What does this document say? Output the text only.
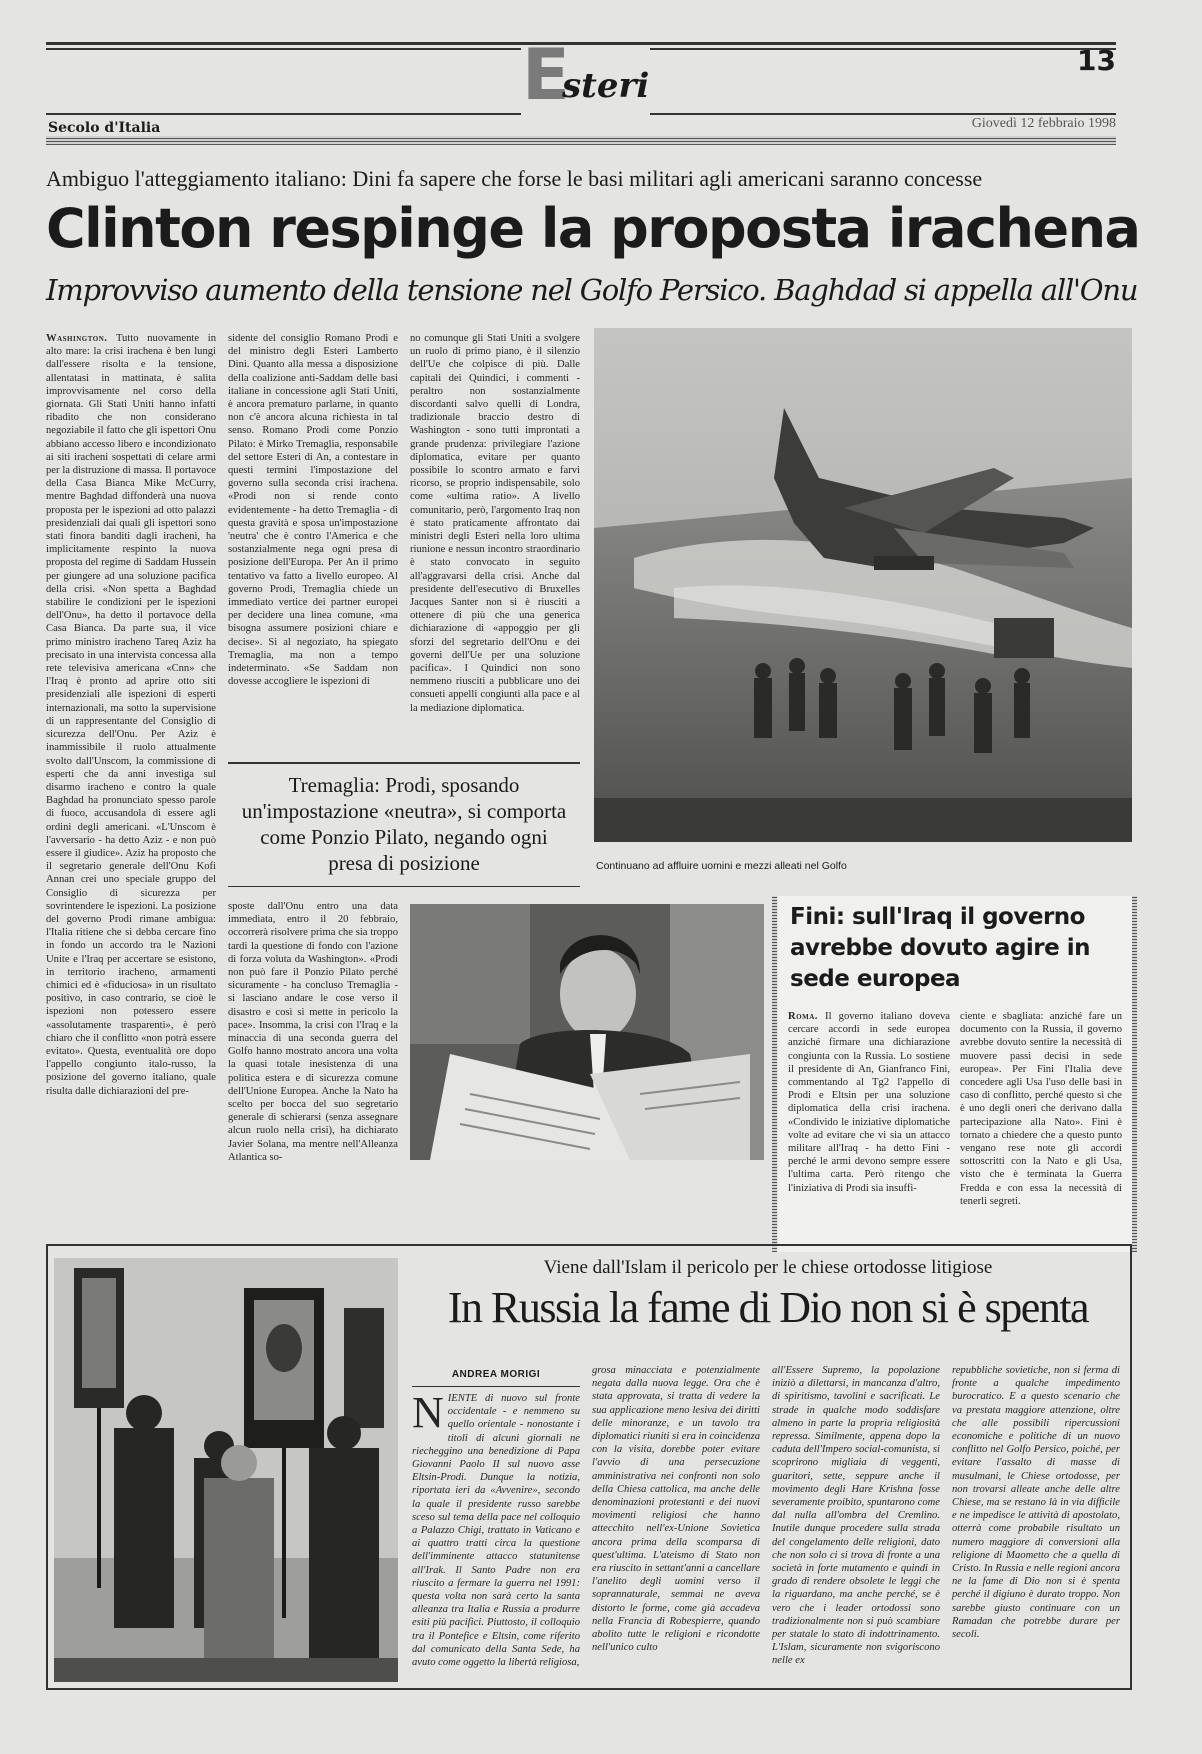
E
steri
13
Secolo d'Italia	Giovedì 12 febbraio 1998
Ambiguo l'atteggiamento italiano: Dini fa sapere che forse le basi militari agli americani saranno concesse
Clinton respinge la proposta irachena
Improvviso aumento della tensione nel Golfo Persico. Baghdad si appella all'Onu

Washington. Tutto nuovamente in alto mare: la crisi irachena è ben lungi dall'essere risolta e la tensione, allentatasi in mattinata, è salita improvvisamente nel corso della giornata. Gli Stati Uniti hanno infatti ribadito che non considerano negoziabile il fatto che gli ispettori Onu abbiano accesso libero e incondizionato ai siti iracheni sospettati di celare armi per la distruzione di massa. Il portavoce della Casa Bianca Mike McCurry, mentre Baghdad diffonderà una nuova proposta per le ispezioni ad otto palazzi presidenziali dai quali gli ispettori sono stati finora banditi dagli iracheni, ha implicitamente respinto la nuova proposta del regime di Saddam Hussein per giungere ad una soluzione pacifica della crisi. «Non spetta a Baghdad stabilire le condizioni per le ispezioni dell'Onu», ha detto il portavoce della Casa Bianca. Da parte sua, il vice primo ministro iracheno Tareq Aziz ha precisato in una intervista concessa alla rete televisiva americana «Cnn» che l'Iraq è pronto ad aprire otto siti presidenziali alle ispezioni di esperti internazionali, ma sotto la supervisione di un rappresentante del Consiglio di sicurezza dell'Onu. Per Aziz è inammissibile il ruolo attualmente svolto dall'Unscom, la commissione di esperti che da anni investiga sul disarmo iracheno e contro la quale Baghdad ha pronunciato spesso parole di fuoco, accusandola di essere agli ordini degli americani. «L'Unscom è l'avversario - ha detto Aziz - e non può essere il giudice». Aziz ha proposto che il segretario generale dell'Onu Kofi Annan crei uno speciale gruppo del Consiglio di sicurezza per sovrintendere le ispezioni. La posizione del governo Prodi rimane ambigua: l'Italia ritiene che si debba cercare fino in fondo un accordo tra le Nazioni Unite e l'Iraq per accertare se esistono, in territorio iracheno, armamenti chimici ed è «fiduciosa» in un risultato positivo, in caso contrario, se cioè le ispezioni non potessero essere «assolutamente trasparenti», è però chiaro che il conflitto «non potrà essere evitato». Questa, eventualità ore dopo l'appello congiunto italo-russo, la posizione del governo italiano, quale risulta dalle dichiarazioni del pre-

sidente del consiglio Romano Prodi e del ministro degli Esteri Lamberto Dini. Quanto alla messa a disposizione della coalizione anti-Saddam delle basi italiane in concessione agli Stati Uniti, è ancora prematuro parlarne, in quanto non c'è ancora alcuna richiesta in tal senso. Romano Prodi come Ponzio Pilato: è Mirko Tremaglia, responsabile del settore Esteri di An, a contestare in questi termini l'impostazione del governo sulla seconda crisi irachena. «Prodi non si rende conto evidentemente - ha detto Tremaglia - di questa gravità e sposa un'impostazione 'neutra' che è contro l'America e che sostanzialmente nega ogni presa di posizione dell'Europa. Per An il primo tentativo va fatto a livello europeo. Al governo Prodi, Tremaglia chiede un immediato vertice dei partner europei per decidere una linea comune, «ma bisogna assumere posizioni chiare e decise». Si al negoziato, ha spiegato Tremaglia, ma non a tempo indeterminato. «Se Saddam non dovesse accogliere le ispezioni di

no comunque gli Stati Uniti a svolgere un ruolo di primo piano, è il silenzio dell'Ue che colpisce di più. Dalle capitali dei Quindici, i commenti - peraltro non sostanzialmente discordanti salvo quelli di Londra, tradizionale braccio destro di Washington - sono tutti improntati a grande prudenza: privilegiare l'azione diplomatica, evitare per quanto possibile lo scontro armato e farvi ricorso, se proprio indispensabile, solo come «ultima ratio». A livello comunitario, però, l'argomento Iraq non è stato praticamente affrontato dai ministri degli Esteri nella loro ultima riunione e nessun incontro straordinario è stato convocato in seguito all'aggravarsi della crisi. Anche dal presidente dell'esecutivo di Bruxelles Jacques Santer non si è riusciti a ottenere di più che una generica dichiarazione di «appoggio per gli sforzi del segretario dell'Onu e dei governi dell'Ue per una soluzione pacifica». I Quindici non sono nemmeno riusciti a pubblicare uno dei consueti appelli congiunti alla pace e al la mediazione diplomatica.

Tremaglia: Prodi, sposando un'impostazione «neutra», si comporta come Ponzio Pilato, negando ogni presa di posizione

sposte dall'Onu entro una data immediata, entro il 20 febbraio, occorrerà risolvere prima che sia troppo tardi la questione di fondo con l'azione di forza voluta da Washington». «Prodi non può fare il Ponzio Pilato perché sicuramente - ha concluso Tremaglia - si lasciano andare le cose verso il disastro e così si mette in pericolo la pace». Insomma, la crisi con l'Iraq e la minaccia di una seconda guerra del Golfo hanno mostrato ancora una volta la quasi totale inesistenza di una politica estera e di sicurezza comune dell'Unione Europea. Anche la Nato ha scelto per bocca del suo segretario generale di schierarsi (senza assegnare alcun ruolo nella crisi), ha dichiarato Javier Solana, ma mentre nell'Alleanza Atlantica so-

Continuano ad affluire uomini e mezzi alleati nel Golfo
Fini: sull'Iraq il governo avrebbe dovuto agire in sede europea

Roma. Il governo italiano doveva cercare accordi in sede europea anziché firmare una dichiarazione congiunta con la Russia. Lo sostiene il presidente di An, Gianfranco Fini, commentando al Tg2 l'appello di Prodi e Eltsin per una soluzione diplomatica della crisi irachena. «Condivido le iniziative diplomatiche volte ad evitare che vi sia un attacco militare all'Iraq - ha detto Fini - perché le armi devono sempre essere l'ultima carta. Però ritengo che l'iniziativa di Prodi sia insuffi-

ciente e sbagliata: anziché fare un documento con la Russia, il governo avrebbe dovuto sentire la necessità di muovere passi decisi in sede europea». Per Fini l'Italia deve concedere agli Usa l'uso delle basi in caso di conflitto, perché questo sì che è uno degli oneri che derivano dalla partecipazione alla Nato». Fini è tornato a chiedere che a questo punto vengano rese note gli accordi sottoscritti con la Nato e gli Usa, visto che è terminata la Guerra Fredda e con essa la necessità di tenerli segreti.

Viene dall'Islam il pericolo per le chiese ortodosse litigiose
In Russia la fame di Dio non si è spenta
ANDREA MORIGI
N IENTE di nuovo sul fronte occidentale - e nemmeno su quello orientale - nonostante i titoli di alcuni giornali ne riecheggino una benedizione di Papa Giovanni Paolo II sul nuovo asse Eltsin-Prodi. Dunque la notizia, riportata ieri da «Avvenire», secondo la quale il presidente russo sarebbe sceso sul tema della pace nel colloquio a Palazzo Chigi, trattato in Vaticano e ai quattro tratti circa la questione dell'imminente attacco statunitense all'Irak. Il Santo Padre non era riuscito a fermare la guerra nel 1991: questa volta non sarà certo la santa alleanza tra Italia e Russia a produrre esiti più pacifici. Piuttosto, il colloquio tra il Pontefice e Eltsin, come riferito dal comunicato della Santa Sede, ha avuto come oggetto la libertà religiosa,

grosa minacciata e potenzialmente negata dalla nuova legge. Ora che è stata approvata, si tratta di vedere la sua applicazione meno lesiva dei diritti delle minoranze, e un tavolo tra diplomatici riuniti si era in coincidenza con la visita, dorebbe poter evitare l'avvio di una persecuzione amministrativa nei confronti non solo della Chiesa cattolica, ma anche delle denominazioni protestanti e dei nuovi movimenti religiosi che hanno attecchito nell'ex-Unione Sovietica ancora prima della scomparsa di quest'ultima. L'ateismo di Stato non era riuscito in settant'anni a cancellare l'anelito degli uomini verso il soprannaturale, semmai ne aveva distorto le forme, come già accadeva nella Francia di Robespierre, quando abolito tutte le religioni e ricondotte nell'unico culto

all'Essere Supremo, la popolazione iniziò a dilettarsi, in mancanza d'altro, di spiritismo, tavolini e sacrificati. Le strade in qualche modo soddisfare almeno in parte la propria religiosità repressa. Similmente, appena dopo la caduta dell'Impero social-comunista, si scoprirono migliaia di veggenti, guaritori, sette, seppure anche il movimento degli Hare Krishna fosse severamente proibito, spuntarono come dal nulla all'ombra del Cremlino. Inutile dunque procedere sulla strada del congelamento delle religioni, dato che non solo ci si trova di fronte a una società in forte mutamento e quindi in grado di rendere obsolete le leggi che la riguardano, ma anche perché, se è vero che i leader ortodossi sono tradizionalmente non si può scambiare per statale lo stato di indottrinamento. L'Islam, sicuramente non svigoriscono nelle ex

repubbliche sovietiche, non si ferma di fronte a qualche impedimento burocratico. E a questo scenario che va prestata maggiore attenzione, oltre che alle possibili ripercussioni economiche e politiche di un nuovo conflitto nel Golfo Persico, poiché, per evitare l'assalto di masse di musulmani, le Chiese ortodosse, per non trovarsi alleate anche delle altre Chiese, ma se restano là in via difficile e ne impedisce le attività di apostolato, otterrà come probabile risultato un numero maggiore di conversioni alla religione di Maometto che a quella di Cristo. In Russia e nelle regioni ancora ne la fame di Dio non si è spenta perché il digiuno è durato troppo. Non sarebbe giusto continuare con un Ramadan che potrebbe durare per secoli.
